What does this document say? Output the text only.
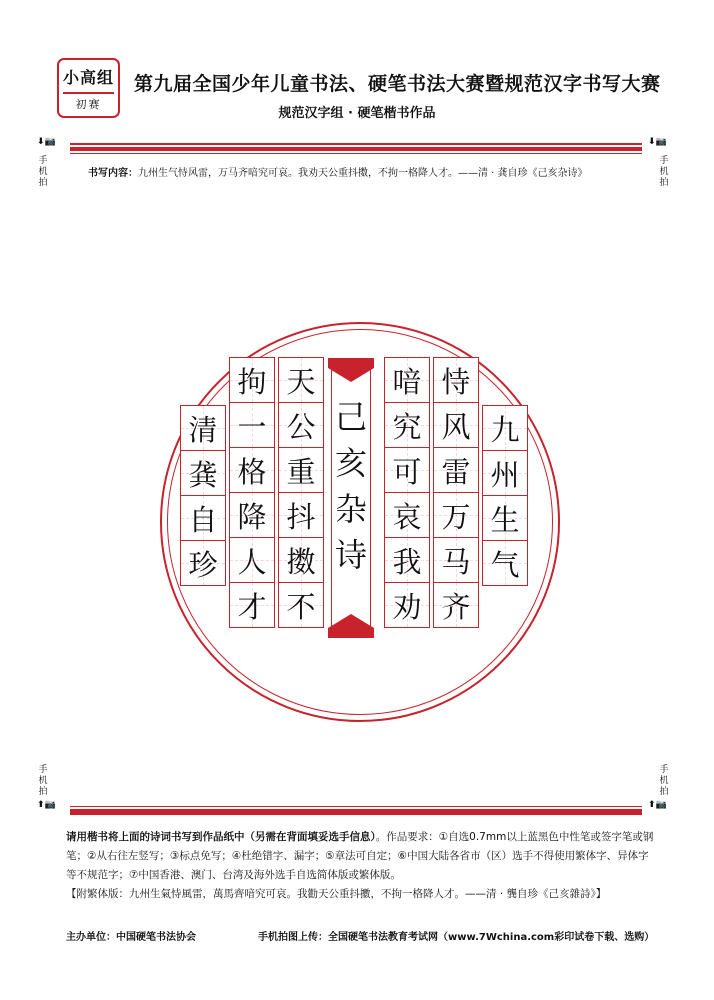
小高组
初赛
第九届全国少年儿童书法、硬笔书法大赛暨规范汉字书写大赛
规范汉字组 · 硬笔楷书作品
⬇📷	⬇📷
手
机
拍
手
机
拍
书写内容：九州生气恃风雷，万马齐喑究可哀。我劝天公重抖擞，不拘一格降人才。——清 · 龚自珍《己亥杂诗》
清
龚
自
珍
拘
一
格
降
人
才
天
公
重
抖
擞
不
己
亥
杂
诗
喑
究
可
哀
我
劝
恃
风
雷
万
马
齐
九
州
生
气
手
机
拍
手
机
拍
⬆📷	⬆📷
请用楷书将上面的诗词书写到作品纸中（另需在背面填妥选手信息）。作品要求：①自选0.7mm以上蓝黑色中性笔或签字笔或钢笔；②从右往左竖写；③标点免写；④杜绝错字、漏字；⑤章法可自定；⑥中国大陆各省市（区）选手不得使用繁体字、异体字等不规范字；⑦中国香港、澳门、台湾及海外选手自选简体版或繁体版。
【附繁体版：九州生氣恃風雷，萬馬齊喑究可哀。我勸天公重抖擻，不拘一格降人才。——清 · 龔自珍《己亥雜詩》】
主办单位：中国硬笔书法协会	手机拍图上传：全国硬笔书法教育考试网（www.7Wchina.com彩印试卷下载、选购）
